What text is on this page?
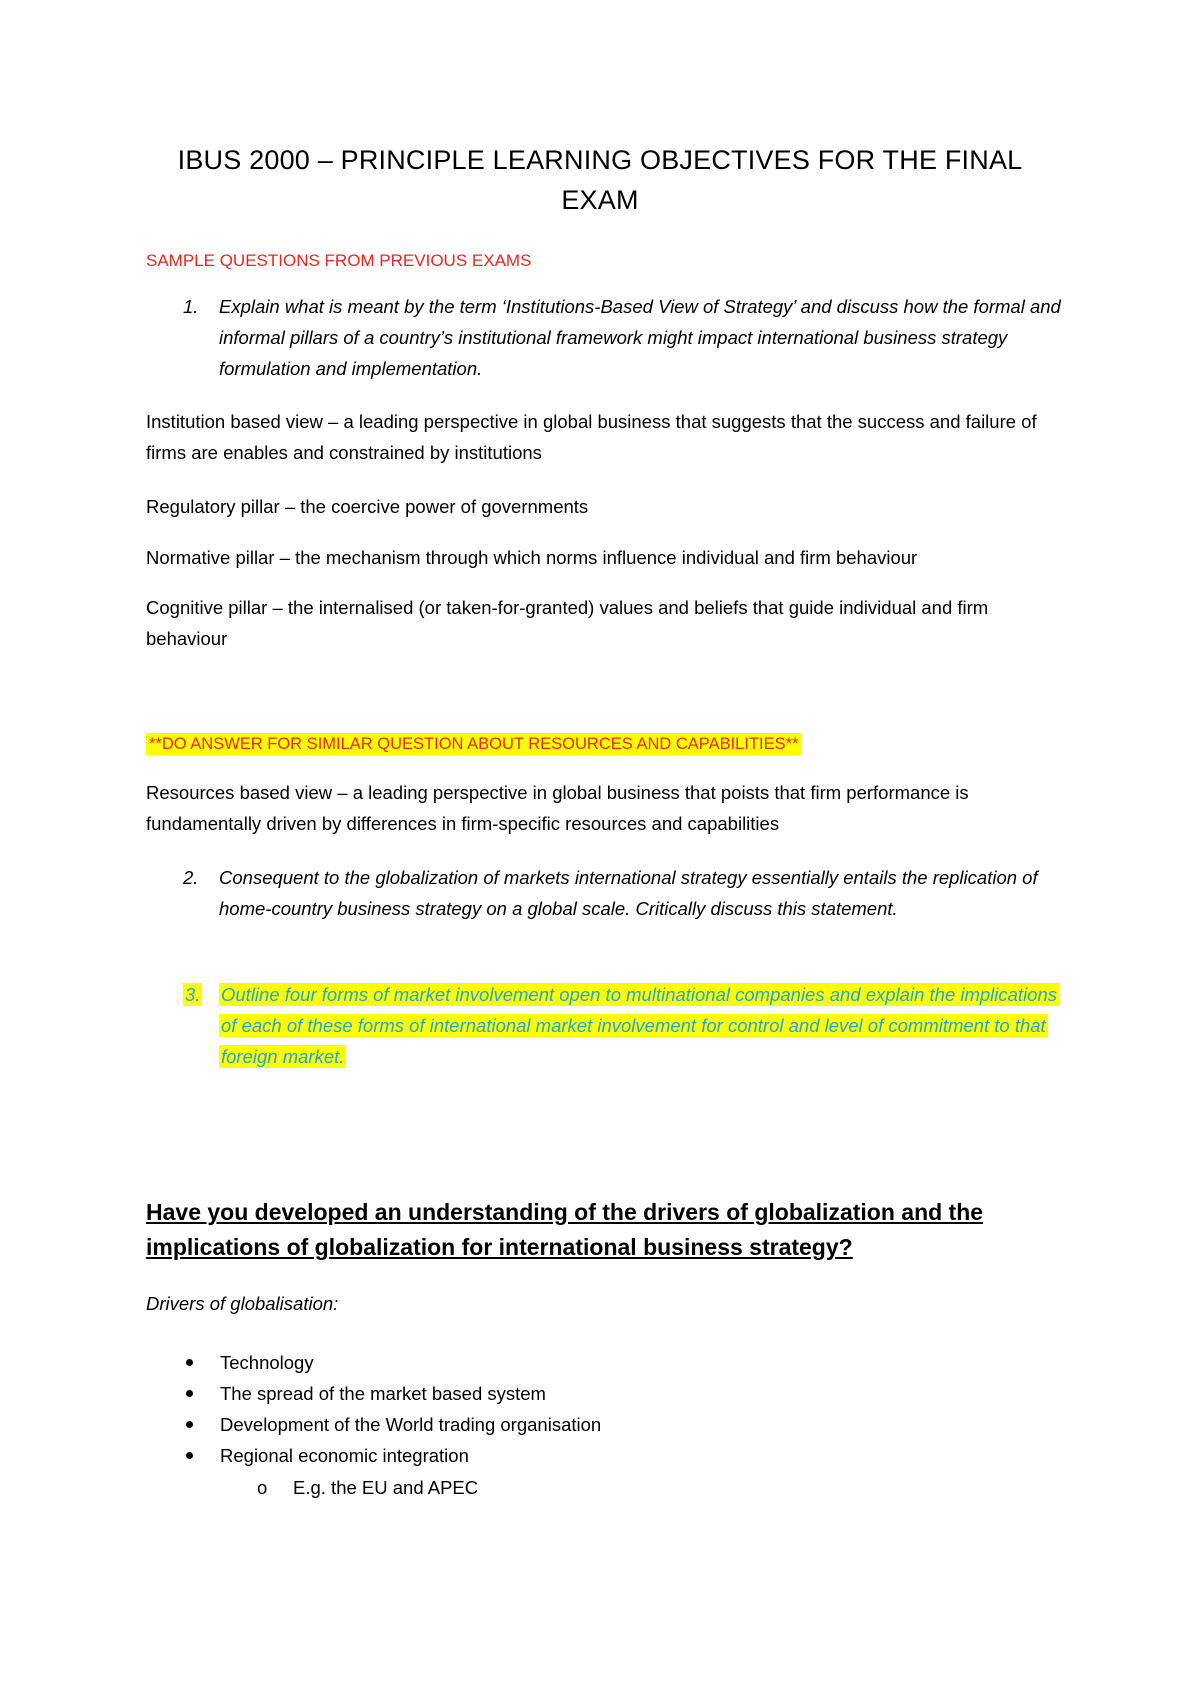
IBUS 2000 – PRINCIPLE LEARNING OBJECTIVES FOR THE FINAL
EXAM
SAMPLE QUESTIONS FROM PREVIOUS EXAMS
1. Explain what is meant by the term ‘Institutions-Based View of Strategy’ and discuss how the formal and informal pillars of a country’s institutional framework might impact international business strategy formulation and implementation.
Institution based view – a leading perspective in global business that suggests that the success and failure of firms are enables and constrained by institutions
Regulatory pillar – the coercive power of governments
Normative pillar – the mechanism through which norms influence individual and firm behaviour
Cognitive pillar – the internalised (or taken-for-granted) values and beliefs that guide individual and firm behaviour
**DO ANSWER FOR SIMILAR QUESTION ABOUT RESOURCES AND CAPABILITIES**
Resources based view – a leading perspective in global business that poists that firm performance is fundamentally driven by differences in firm-specific resources and capabilities
2. Consequent to the globalization of markets international strategy essentially entails the replication of home-country business strategy on a global scale. Critically discuss this statement.
3. Outline four forms of market involvement open to multinational companies and explain the implications of each of these forms of international market involvement for control and level of commitment to that foreign market.
Have you developed an understanding of the drivers of globalization and the implications of globalization for international business strategy?
Drivers of globalisation:
Technology
The spread of the market based system
Development of the World trading organisation
Regional economic integration
o E.g. the EU and APEC
